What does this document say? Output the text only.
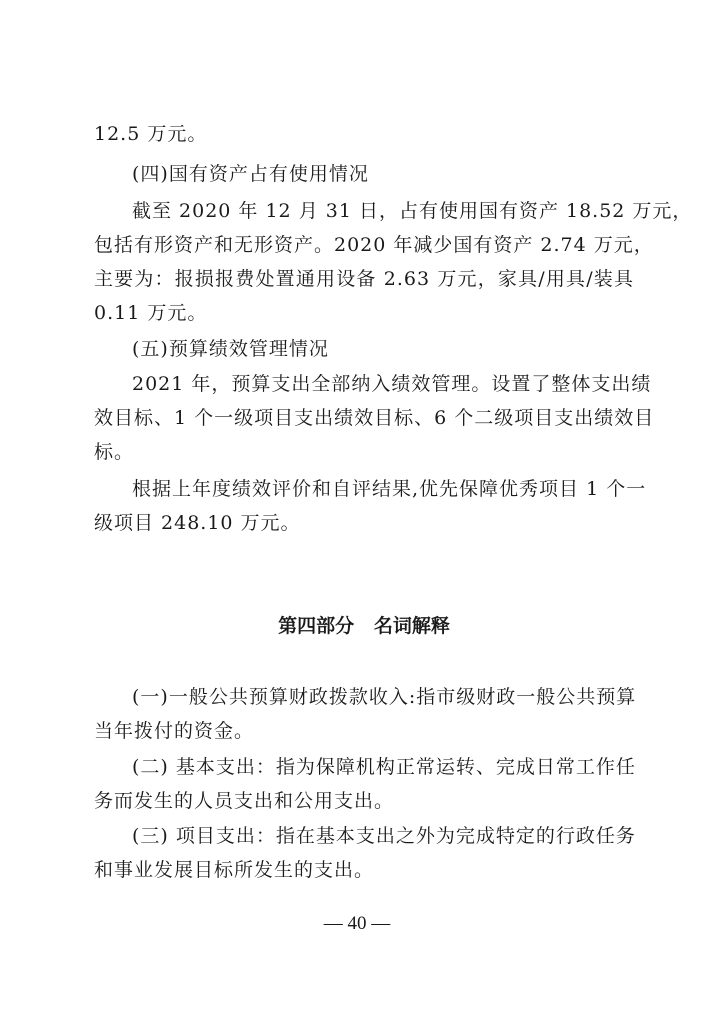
12.5 万元。
(四)国有资产占有使用情况
截至 2020 年 12 月 31 日，占有使用国有资产 18.52 万元，
包括有形资产和无形资产。2020 年减少国有资产 2.74 万元，
主要为：报损报费处置通用设备 2.63 万元，家具/用具/装具
0.11 万元。
(五)预算绩效管理情况
2021 年，预算支出全部纳入绩效管理。设置了整体支出绩
效目标、1 个一级项目支出绩效目标、6 个二级项目支出绩效目
标。
根据上年度绩效评价和自评结果,优先保障优秀项目 1 个一
级项目 248.10 万元。
第四部分   名词解释
(一)一般公共预算财政拨款收入:指市级财政一般公共预算
当年拨付的资金。
(二) 基本支出：指为保障机构正常运转、完成日常工作任
务而发生的人员支出和公用支出。
(三) 项目支出：指在基本支出之外为完成特定的行政任务
和事业发展目标所发生的支出。
— 40 —
